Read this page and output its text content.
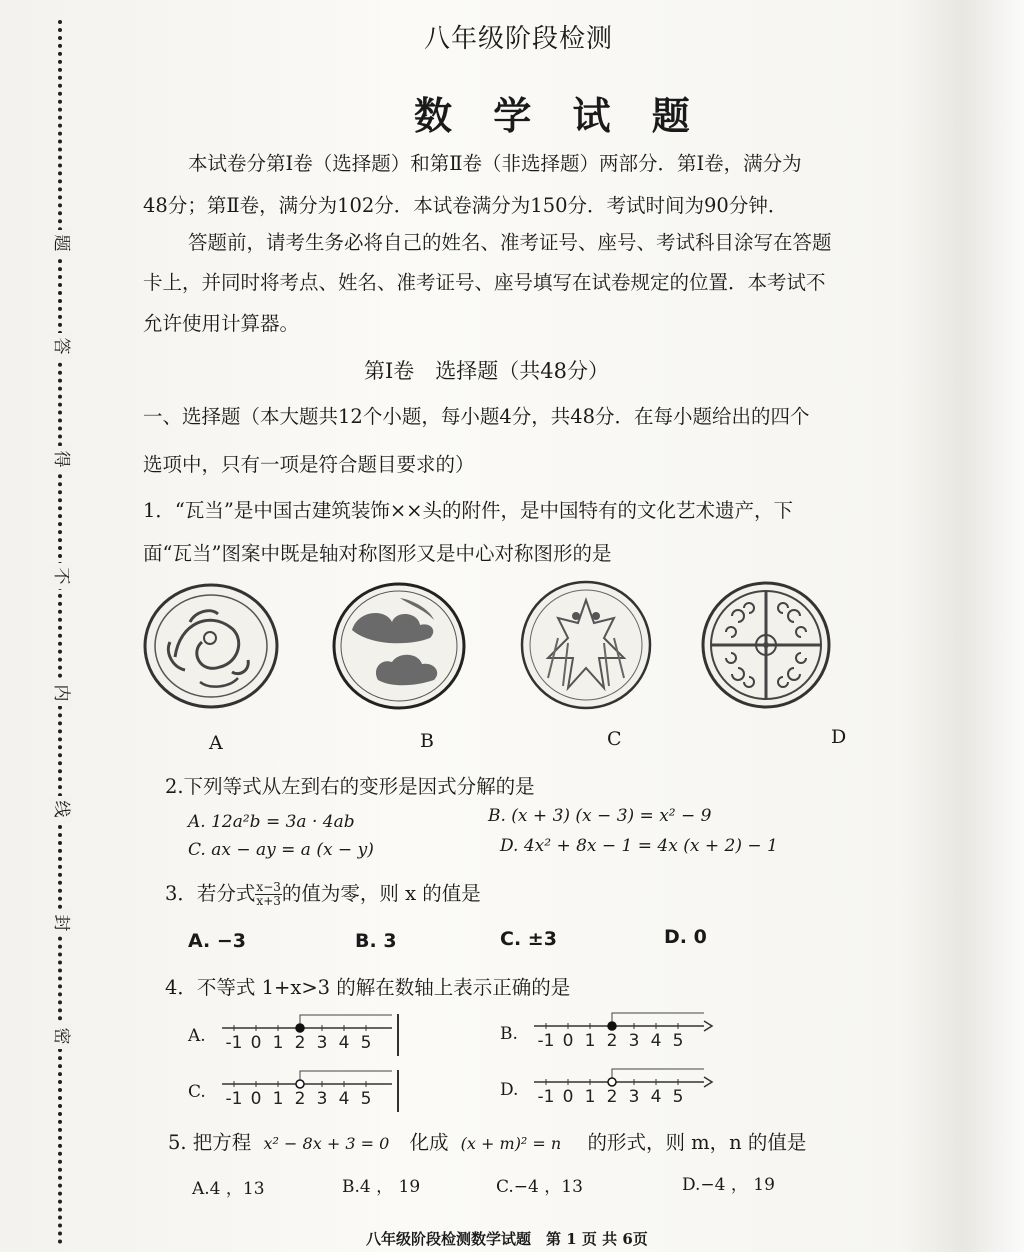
题
答
得
不
内
线
封
密
八年级阶段检测
数 学 试 题
本试卷分第Ⅰ卷（选择题）和第Ⅱ卷（非选择题）两部分．第Ⅰ卷，满分为
48分；第Ⅱ卷，满分为102分．本试卷满分为150分．考试时间为90分钟．
答题前，请考生务必将自己的姓名、准考证号、座号、考试科目涂写在答题
卡上，并同时将考点、姓名、准考证号、座号填写在试卷规定的位置．本考试不
允许使用计算器。
第Ⅰ卷　选择题（共48分）
一、选择题（本大题共12个小题，每小题4分，共48分．在每小题给出的四个
选项中，只有一项是符合题目要求的）
1．“瓦当”是中国古建筑装饰××头的附件，是中国特有的文化艺术遗产，下
面“瓦当”图案中既是轴对称图形又是中心对称图形的是
A	B	C	D
2.下列等式从左到右的变形是因式分解的是
A. 12a²b = 3a · 4ab	B. (x + 3) (x − 3) = x² − 9
C. ax − ay = a (x − y)	D. 4x² + 8x − 1 = 4x (x + 2) − 1
3．若分式 $\frac{x-3}{x+3}$ 的值为零，则 x 的值是
A. −3	B. 3	C. ±3	D. 0
4．不等式 1+x>3 的解在数轴上表示正确的是
A.	B.
C.	D.
-1 0 1 2 3 4 5	-1 0 1 2 3 4 5
-1 0 1 2 3 4 5	-1 0 1 2 3 4 5
5. 把方程 x² − 8x + 3 = 0 化成 (x + m)² = n 的形式，则 m，n 的值是
A.4 ，13	B.4 ， 19	C.−4 ，13	D.−4 ， 19
八年级阶段检测数学试题　第 1 页 共 6页
